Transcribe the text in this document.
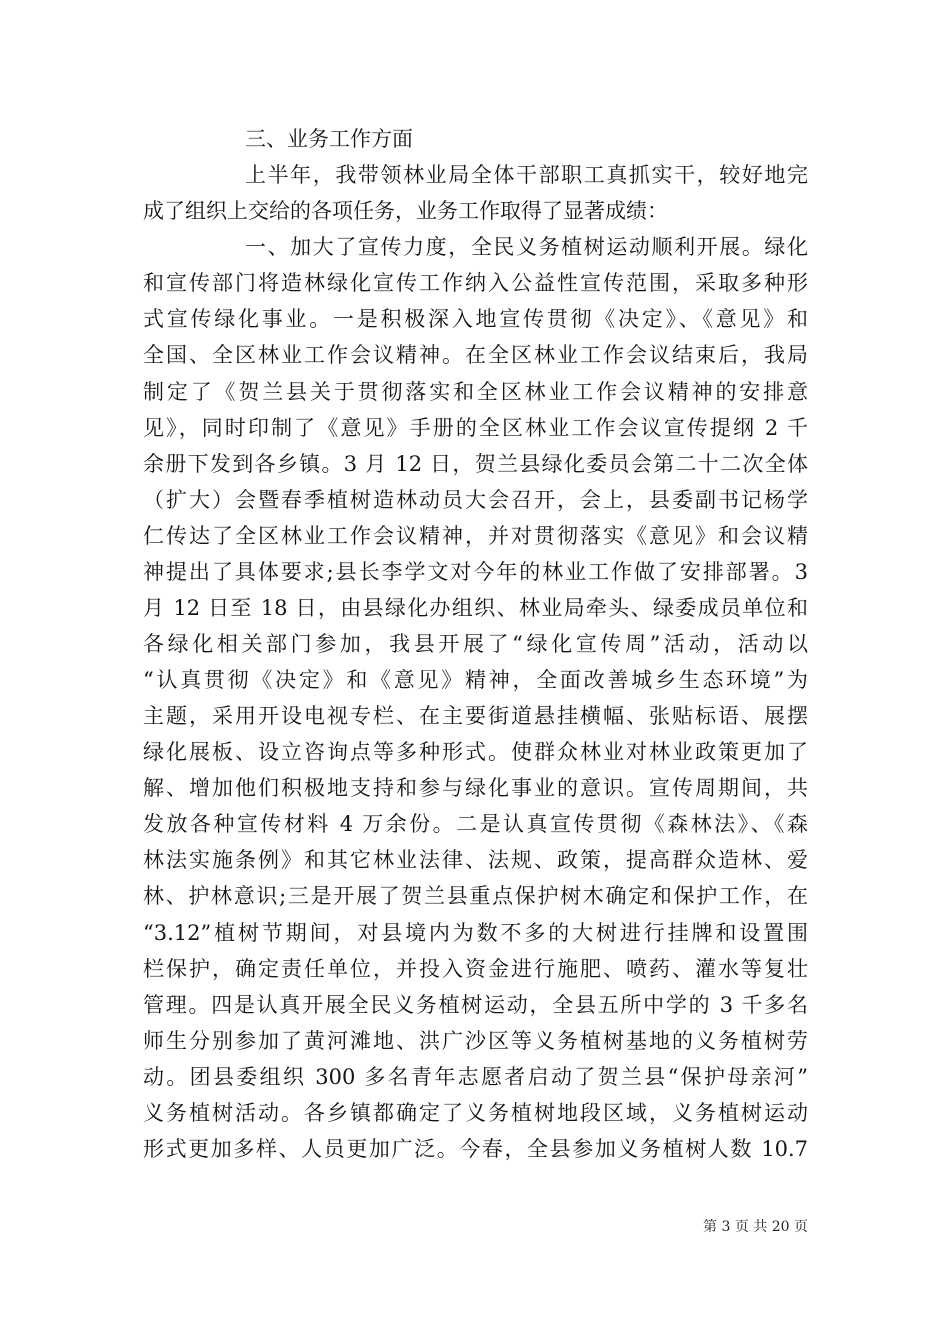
三、业务工作方面

上半年，我带领林业局全体干部职工真抓实干，较好地完

成了组织上交给的各项任务，业务工作取得了显著成绩：

一、加大了宣传力度，全民义务植树运动顺利开展。绿化

和宣传部门将造林绿化宣传工作纳入公益性宣传范围，采取多种形

式宣传绿化事业。一是积极深入地宣传贯彻《决定》、《意见》和

全国、全区林业工作会议精神。在全区林业工作会议结束后，我局

制定了《贺兰县关于贯彻落实和全区林业工作会议精神的安排意

见》，同时印制了《意见》手册的全区林业工作会议宣传提纲 2 千

余册下发到各乡镇。3 月 12 日，贺兰县绿化委员会第二十二次全体

（扩大）会暨春季植树造林动员大会召开，会上，县委副书记杨学

仁传达了全区林业工作会议精神，并对贯彻落实《意见》和会议精

神提出了具体要求;县长李学文对今年的林业工作做了安排部署。3

月 12 日至 18 日，由县绿化办组织、林业局牵头、绿委成员单位和

各绿化相关部门参加，我县开展了“绿化宣传周”活动，活动以

“认真贯彻《决定》和《意见》精神，全面改善城乡生态环境”为

主题，采用开设电视专栏、在主要街道悬挂横幅、张贴标语、展摆

绿化展板、设立咨询点等多种形式。使群众林业对林业政策更加了

解、增加他们积极地支持和参与绿化事业的意识。宣传周期间，共

发放各种宣传材料 4 万余份。二是认真宣传贯彻《森林法》、《森

林法实施条例》和其它林业法律、法规、政策，提高群众造林、爱

林、护林意识;三是开展了贺兰县重点保护树木确定和保护工作，在

“3.12”植树节期间，对县境内为数不多的大树进行挂牌和设置围

栏保护，确定责任单位，并投入资金进行施肥、喷药、灌水等复壮

管理。四是认真开展全民义务植树运动，全县五所中学的 3 千多名

师生分别参加了黄河滩地、洪广沙区等义务植树基地的义务植树劳

动。团县委组织 300 多名青年志愿者启动了贺兰县“保护母亲河”

义务植树活动。各乡镇都确定了义务植树地段区域，义务植树运动

形式更加多样、人员更加广泛。今春，全县参加义务植树人数 10.7

第 3 页 共 20 页
